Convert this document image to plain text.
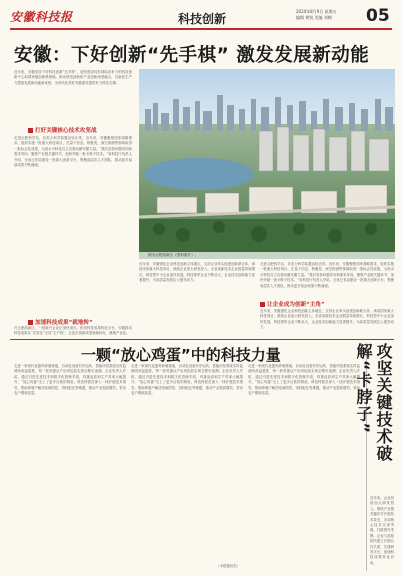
安徽科技报	科技创新
2024年8月9日 星期五
编辑 黄锐 美编 刘梅	05
安徽：下好创新“先手棋” 激发发展新动能
近年来，安徽坚持下好科技创新“先手棋”，加快建设具有国际竞争力的科技创新中心和国家级创新策源地，推动科技创新和产业创新深度融合，以新质生产力塑造发展新动能新优势，为现代化美好安徽建设提供有力科技支撑。
打好关键核心技术攻坚战
走进合肥科学岛，各类大科学装置运转正常。近年来，安徽聚焦国家战略需求，组织实施一批重大科技项目，在量子信息、核聚变、深空探测等领域取得一批标志性成果，为高水平科技自立自强贡献安徽力量。“我们坚持问题导向和需求导向，聚焦产业链关键环节，加快突破一批卡脖子技术。”省科技厅负责人介绍，全省已布局建设一批重大创新平台，集聚高层次人才团队，推动更多原创成果不断涌现。
加速科技成果“就地转”
在合肥高新区，一批新兴企业正加快成长。依托科技成果转化平台，安徽推动科技成果从“实验室”走向“生产线”，让更多创新成果就地转化、就地产业化。
图为合肥高新区（资料图片）。
近年来，安徽强化企业科技创新主体地位，支持企业牵头组建创新联合体，承担国家重大科技项目，鼓励企业加大研发投入。全省高新技术企业数量持续增长，科技型中小企业加快发展，科技领军企业不断壮大，企业技术创新能力显著提升，为高质量发展注入强劲动力。
让企业成为创新“主角”
走进合肥科学岛，各类大科学装置运转正常。近年来，安徽聚焦国家战略需求，组织实施一批重大科技项目，在量子信息、核聚变、深空探测等领域取得一批标志性成果，为高水平科技自立自强贡献安徽力量。“我们坚持问题导向和需求导向，聚焦产业链关键环节，加快突破一批卡脖子技术。”省科技厅负责人介绍，全省已布局建设一批重大创新平台，集聚高层次人才团队，推动更多原创成果不断涌现。
近年来，安徽强化企业科技创新主体地位，支持企业牵头组建创新联合体，承担国家重大科技项目，鼓励企业加大研发投入。全省高新技术企业数量持续增长，科技型中小企业加快发展，科技领军企业不断壮大，企业技术创新能力显著提升，为高质量发展注入强劲动力。
一颗“放心鸡蛋”中的科技力量
走进一家现代化蛋鸡养殖基地，自动化设备有序运转，智能环控系统实时监测鸡舍温湿度，每一枚鸡蛋从产出到包装实现全程可追溯。企业负责人介绍，通过引进先进技术和数字化管理手段，鸡蛋品质和生产效率大幅提升，“放心鸡蛋”走上了更多百姓的餐桌。科技特派员深入一线开展技术指导，帮助养殖户解决疫病防控、饲料配比等难题，推动产业提质增效，带动农户增收致富。
走进一家现代化蛋鸡养殖基地，自动化设备有序运转，智能环控系统实时监测鸡舍温湿度，每一枚鸡蛋从产出到包装实现全程可追溯。企业负责人介绍，通过引进先进技术和数字化管理手段，鸡蛋品质和生产效率大幅提升，“放心鸡蛋”走上了更多百姓的餐桌。科技特派员深入一线开展技术指导，帮助养殖户解决疫病防控、饲料配比等难题，推动产业提质增效，带动农户增收致富。
走进一家现代化蛋鸡养殖基地，自动化设备有序运转，智能环控系统实时监测鸡舍温湿度，每一枚鸡蛋从产出到包装实现全程可追溯。企业负责人介绍，通过引进先进技术和数字化管理手段，鸡蛋品质和生产效率大幅提升，“放心鸡蛋”走上了更多百姓的餐桌。科技特派员深入一线开展技术指导，帮助养殖户解决疫病防控、饲料配比等难题，推动产业提质增效，带动农户增收致富。
（本报通讯员）
攻坚关键技术破解“卡脖子”
近年来，企业持续加大研发投入，围绕产业链关键环节开展技术攻关，多项核心技术实现突破，打破国外垄断。企业与高校院所建立长期合作关系，共建研发平台，加速科技成果转化应用。
